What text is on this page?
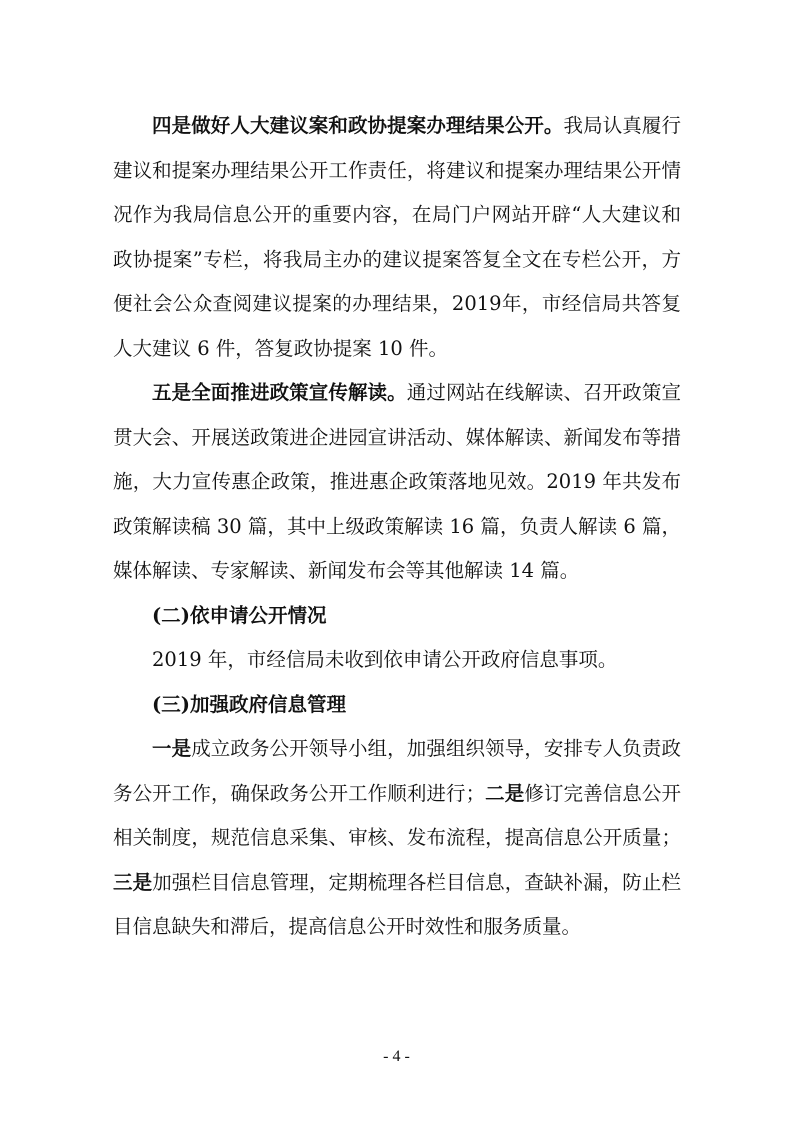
四是做好人大建议案和政协提案办理结果公开。我局认真履行建议和提案办理结果公开工作责任，将建议和提案办理结果公开情况作为我局信息公开的重要内容，在局门户网站开辟“人大建议和政协提案”专栏，将我局主办的建议提案答复全文在专栏公开，方便社会公众查阅建议提案的办理结果，2019年，市经信局共答复人大建议 6 件，答复政协提案 10 件。

五是全面推进政策宣传解读。通过网站在线解读、召开政策宣贯大会、开展送政策进企进园宣讲活动、媒体解读、新闻发布等措施，大力宣传惠企政策，推进惠企政策落地见效。2019 年共发布政策解读稿 30 篇，其中上级政策解读 16 篇，负责人解读 6 篇，媒体解读、专家解读、新闻发布会等其他解读 14 篇。

(二)依申请公开情况

2019 年，市经信局未收到依申请公开政府信息事项。

(三)加强政府信息管理

一是成立政务公开领导小组，加强组织领导，安排专人负责政务公开工作，确保政务公开工作顺利进行；二是修订完善信息公开相关制度，规范信息采集、审核、发布流程，提高信息公开质量；三是加强栏目信息管理，定期梳理各栏目信息，查缺补漏，防止栏目信息缺失和滞后，提高信息公开时效性和服务质量。

- 4 -
